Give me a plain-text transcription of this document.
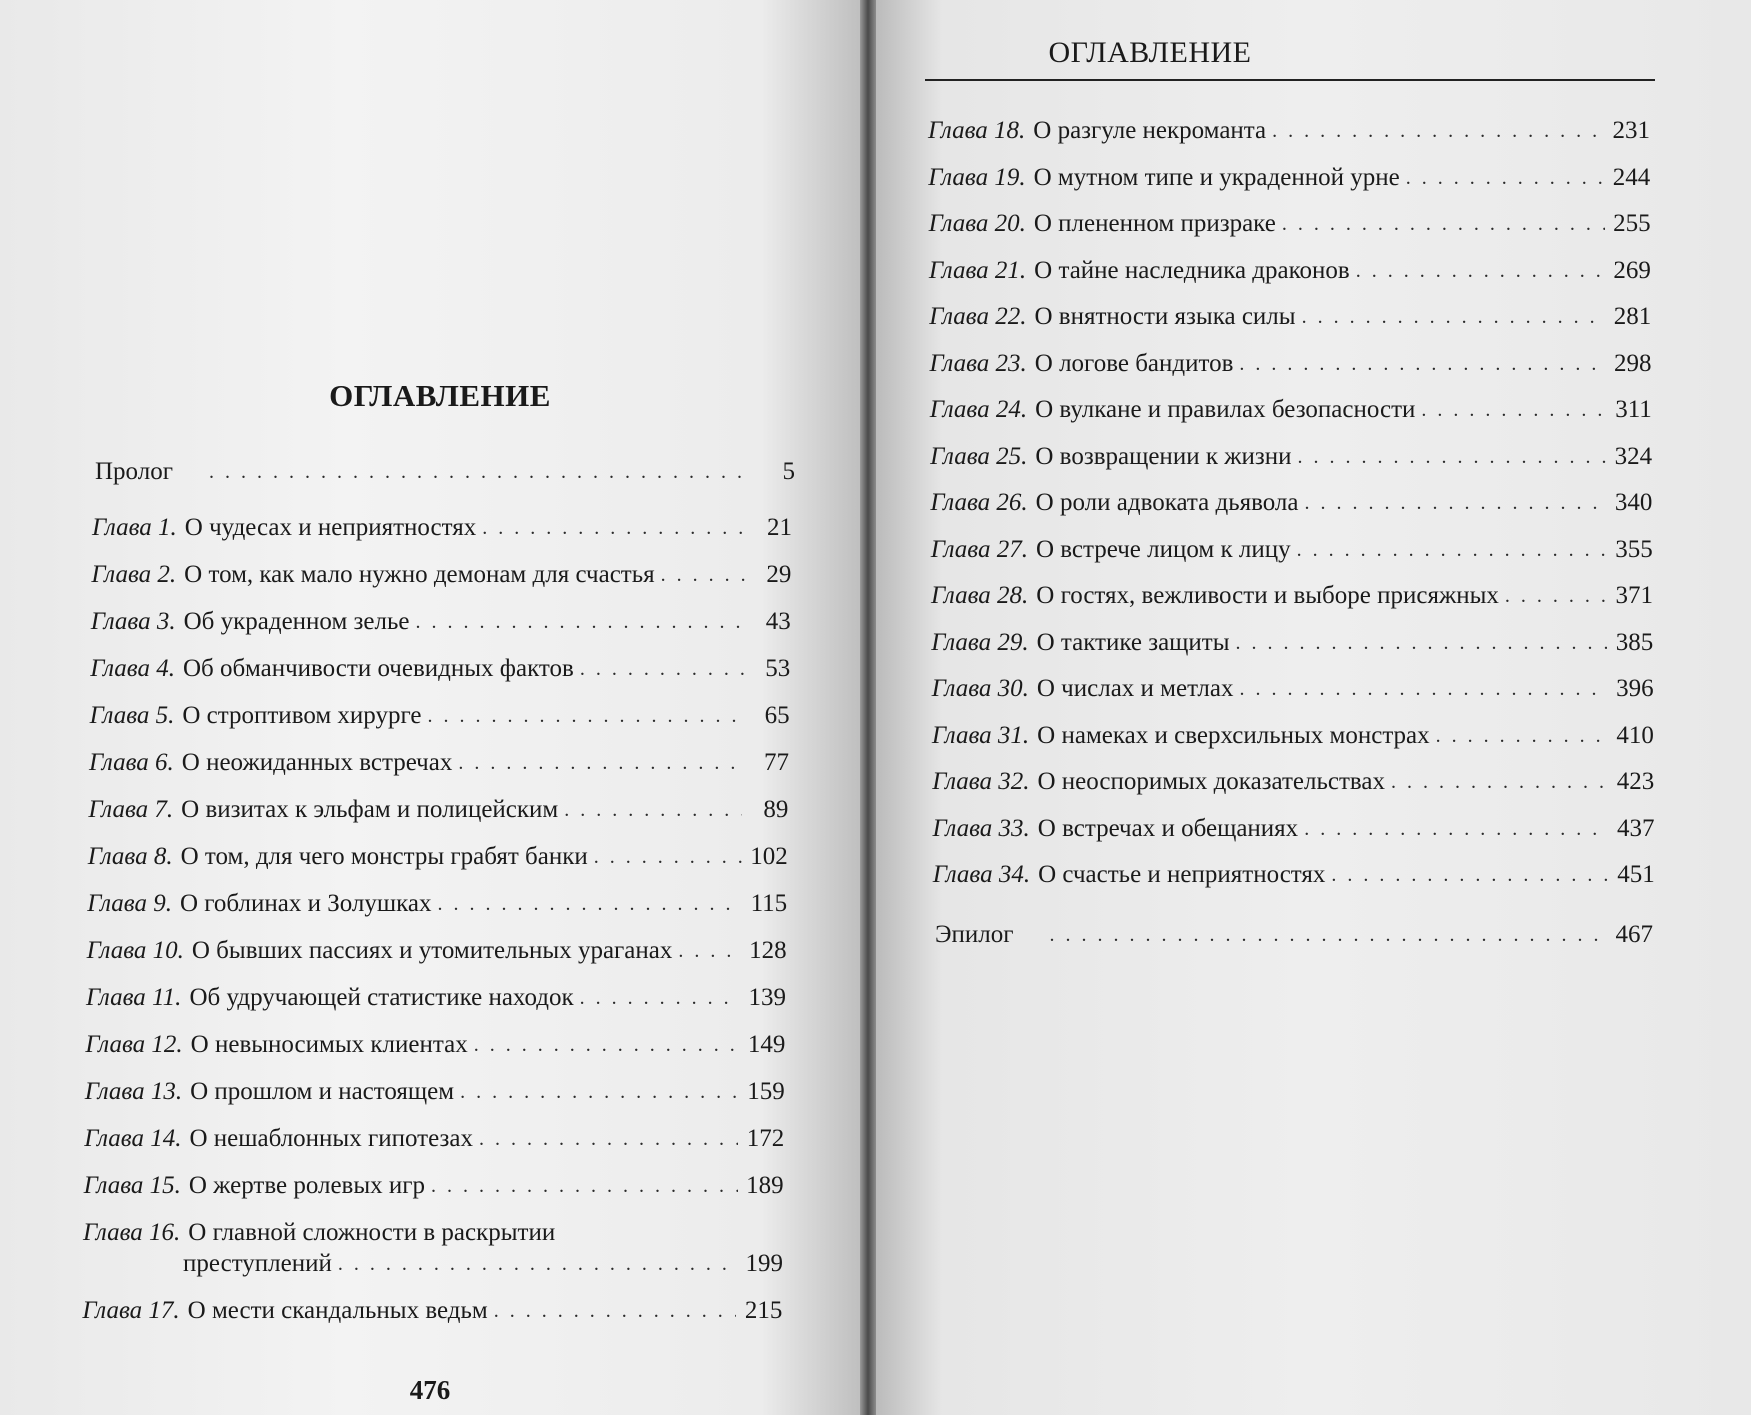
ОГЛАВЛЕНИЕ
Пролог . . .	5
Глава 1. О чудесах и неприятностях . . .	21
Глава 2. О том, как мало нужно демонам для счастья . . .	29
Глава 3. Об украденном зелье . . .	43
Глава 4. Об обманчивости очевидных фактов . . .	53
Глава 5. О строптивом хирурге . . .	65
Глава 6. О неожиданных встречах . . .	77
Глава 7. О визитах к эльфам и полицейским . . .	89
Глава 8. О том, для чего монстры грабят банки . . .	102
Глава 9. О гоблинах и Золушках . . .	115
Глава 10. О бывших пассиях и утомительных ураганах . . .	128
Глава 11. Об удручающей статистике находок . . .	139
Глава 12. О невыносимых клиентах . . .	149
Глава 13. О прошлом и настоящем . . .	159
Глава 14. О нешаблонных гипотезах . . .	172
Глава 15. О жертве ролевых игр . . .	189
Глава 16. О главной сложности в раскрытии
преступлений . . .	199
Глава 17. О мести скандальных ведьм . . .	215
476
ОГЛАВЛЕНИЕ
Глава 18. О разгуле некроманта . . .	231
Глава 19. О мутном типе и украденной урне . . .	244
Глава 20. О плененном призраке . . .	255
Глава 21. О тайне наследника драконов . . .	269
Глава 22. О внятности языка силы . . .	281
Глава 23. О логове бандитов . . .	298
Глава 24. О вулкане и правилах безопасности . . .	311
Глава 25. О возвращении к жизни . . .	324
Глава 26. О роли адвоката дьявола . . .	340
Глава 27. О встрече лицом к лицу . . .	355
Глава 28. О гостях, вежливости и выборе присяжных . . .	371
Глава 29. О тактике защиты . . .	385
Глава 30. О числах и метлах . . .	396
Глава 31. О намеках и сверхсильных монстрах . . .	410
Глава 32. О неоспоримых доказательствах . . .	423
Глава 33. О встречах и обещаниях . . .	437
Глава 34. О счастье и неприятностях . . .	451
Эпилог . . .	467
